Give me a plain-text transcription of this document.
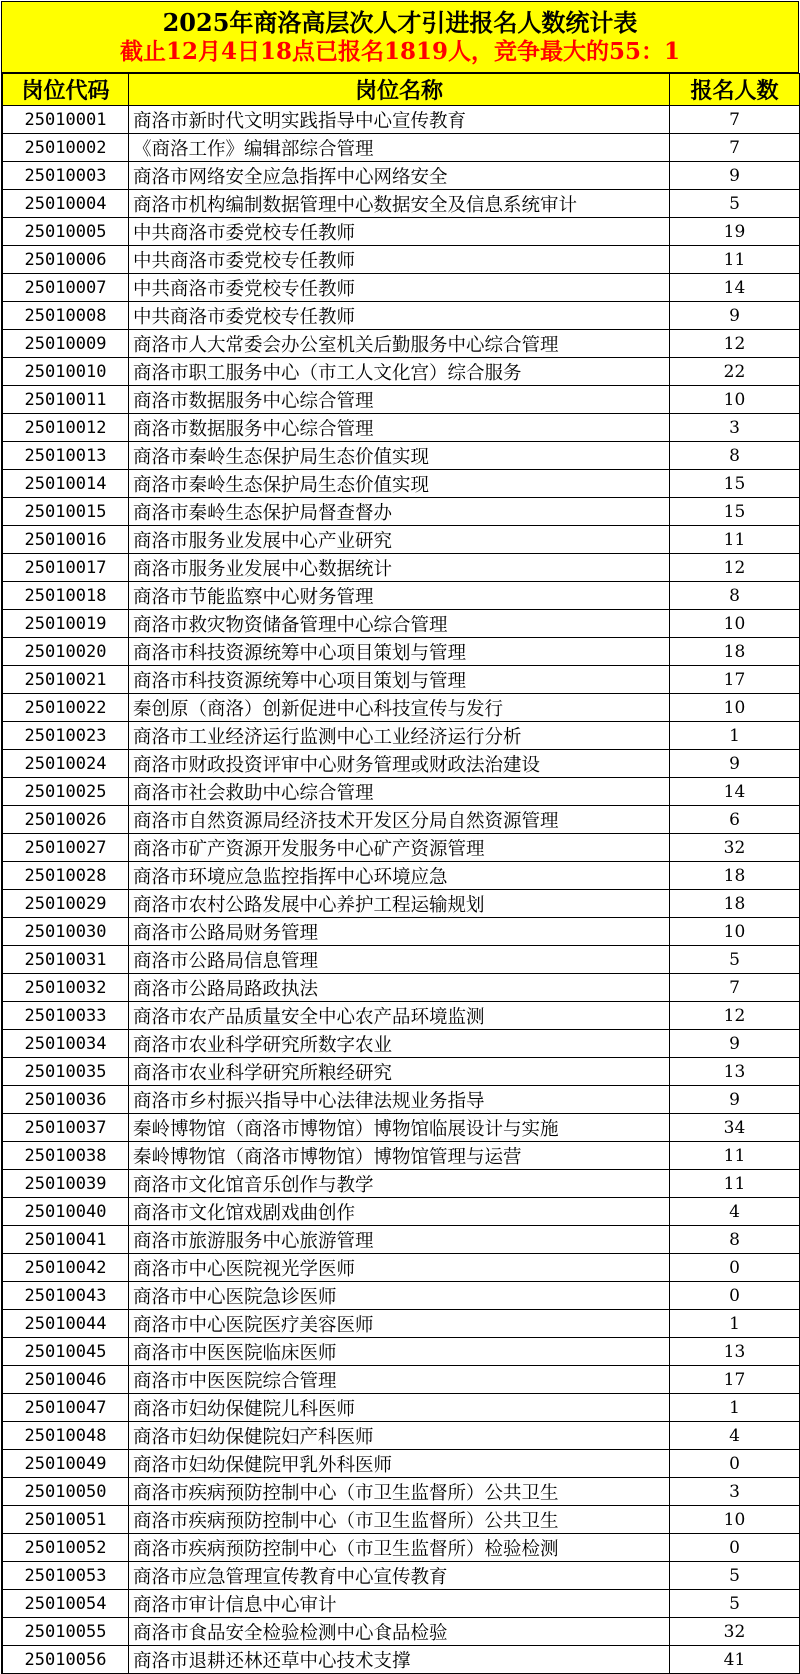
2025年商洛高层次人才引进报名人数统计表
截止12月4日18点已报名1819人，竞争最大的55：1
岗位代码	岗位名称	报名人数
25010001	商洛市新时代文明实践指导中心宣传教育	7
25010002	《商洛工作》编辑部综合管理	7
25010003	商洛市网络安全应急指挥中心网络安全	9
25010004	商洛市机构编制数据管理中心数据安全及信息系统审计	5
25010005	中共商洛市委党校专任教师	19
25010006	中共商洛市委党校专任教师	11
25010007	中共商洛市委党校专任教师	14
25010008	中共商洛市委党校专任教师	9
25010009	商洛市人大常委会办公室机关后勤服务中心综合管理	12
25010010	商洛市职工服务中心（市工人文化宫）综合服务	22
25010011	商洛市数据服务中心综合管理	10
25010012	商洛市数据服务中心综合管理	3
25010013	商洛市秦岭生态保护局生态价值实现	8
25010014	商洛市秦岭生态保护局生态价值实现	15
25010015	商洛市秦岭生态保护局督查督办	15
25010016	商洛市服务业发展中心产业研究	11
25010017	商洛市服务业发展中心数据统计	12
25010018	商洛市节能监察中心财务管理	8
25010019	商洛市救灾物资储备管理中心综合管理	10
25010020	商洛市科技资源统筹中心项目策划与管理	18
25010021	商洛市科技资源统筹中心项目策划与管理	17
25010022	秦创原（商洛）创新促进中心科技宣传与发行	10
25010023	商洛市工业经济运行监测中心工业经济运行分析	1
25010024	商洛市财政投资评审中心财务管理或财政法治建设	9
25010025	商洛市社会救助中心综合管理	14
25010026	商洛市自然资源局经济技术开发区分局自然资源管理	6
25010027	商洛市矿产资源开发服务中心矿产资源管理	32
25010028	商洛市环境应急监控指挥中心环境应急	18
25010029	商洛市农村公路发展中心养护工程运输规划	18
25010030	商洛市公路局财务管理	10
25010031	商洛市公路局信息管理	5
25010032	商洛市公路局路政执法	7
25010033	商洛市农产品质量安全中心农产品环境监测	12
25010034	商洛市农业科学研究所数字农业	9
25010035	商洛市农业科学研究所粮经研究	13
25010036	商洛市乡村振兴指导中心法律法规业务指导	9
25010037	秦岭博物馆（商洛市博物馆）博物馆临展设计与实施	34
25010038	秦岭博物馆（商洛市博物馆）博物馆管理与运营	11
25010039	商洛市文化馆音乐创作与教学	11
25010040	商洛市文化馆戏剧戏曲创作	4
25010041	商洛市旅游服务中心旅游管理	8
25010042	商洛市中心医院视光学医师	0
25010043	商洛市中心医院急诊医师	0
25010044	商洛市中心医院医疗美容医师	1
25010045	商洛市中医医院临床医师	13
25010046	商洛市中医医院综合管理	17
25010047	商洛市妇幼保健院儿科医师	1
25010048	商洛市妇幼保健院妇产科医师	4
25010049	商洛市妇幼保健院甲乳外科医师	0
25010050	商洛市疾病预防控制中心（市卫生监督所）公共卫生	3
25010051	商洛市疾病预防控制中心（市卫生监督所）公共卫生	10
25010052	商洛市疾病预防控制中心（市卫生监督所）检验检测	0
25010053	商洛市应急管理宣传教育中心宣传教育	5
25010054	商洛市审计信息中心审计	5
25010055	商洛市食品安全检验检测中心食品检验	32
25010056	商洛市退耕还林还草中心技术支撑	41
